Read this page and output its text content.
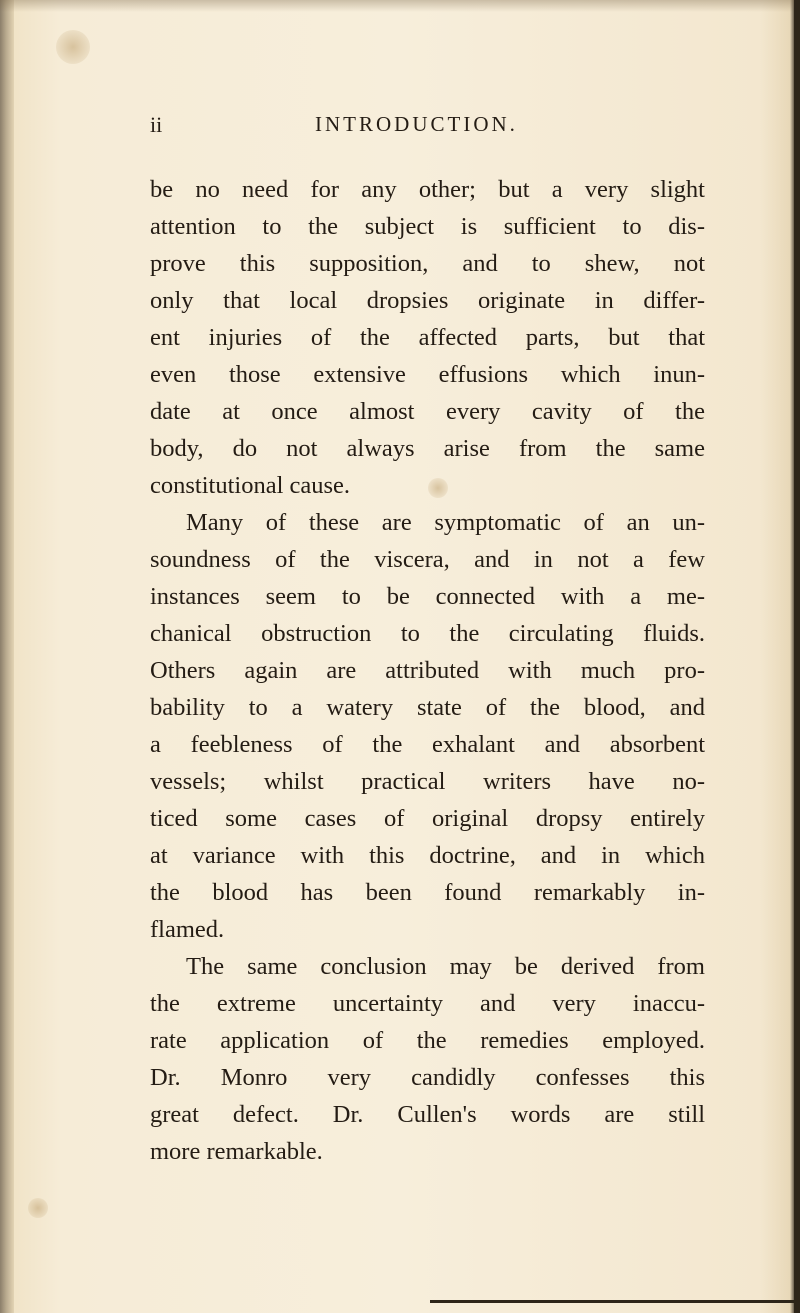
ii	INTRODUCTION.
be no need for any other; but a very slight
attention to the subject is sufficient to dis-
prove this supposition, and to shew, not
only that local dropsies originate in differ-
ent injuries of the affected parts, but that
even those extensive effusions which inun-
date at once almost every cavity of the
body, do not always arise from the same
constitutional cause.
Many of these are symptomatic of an un-
soundness of the viscera, and in not a few
instances seem to be connected with a me-
chanical obstruction to the circulating fluids.
Others again are attributed with much pro-
bability to a watery state of the blood, and
a feebleness of the exhalant and absorbent
vessels; whilst practical writers have no-
ticed some cases of original dropsy entirely
at variance with this doctrine, and in which
the blood has been found remarkably in-
flamed.
The same conclusion may be derived from
the extreme uncertainty and very inaccu-
rate application of the remedies employed.
Dr. Monro very candidly confesses this
great defect. Dr. Cullen's words are still
more remarkable.
